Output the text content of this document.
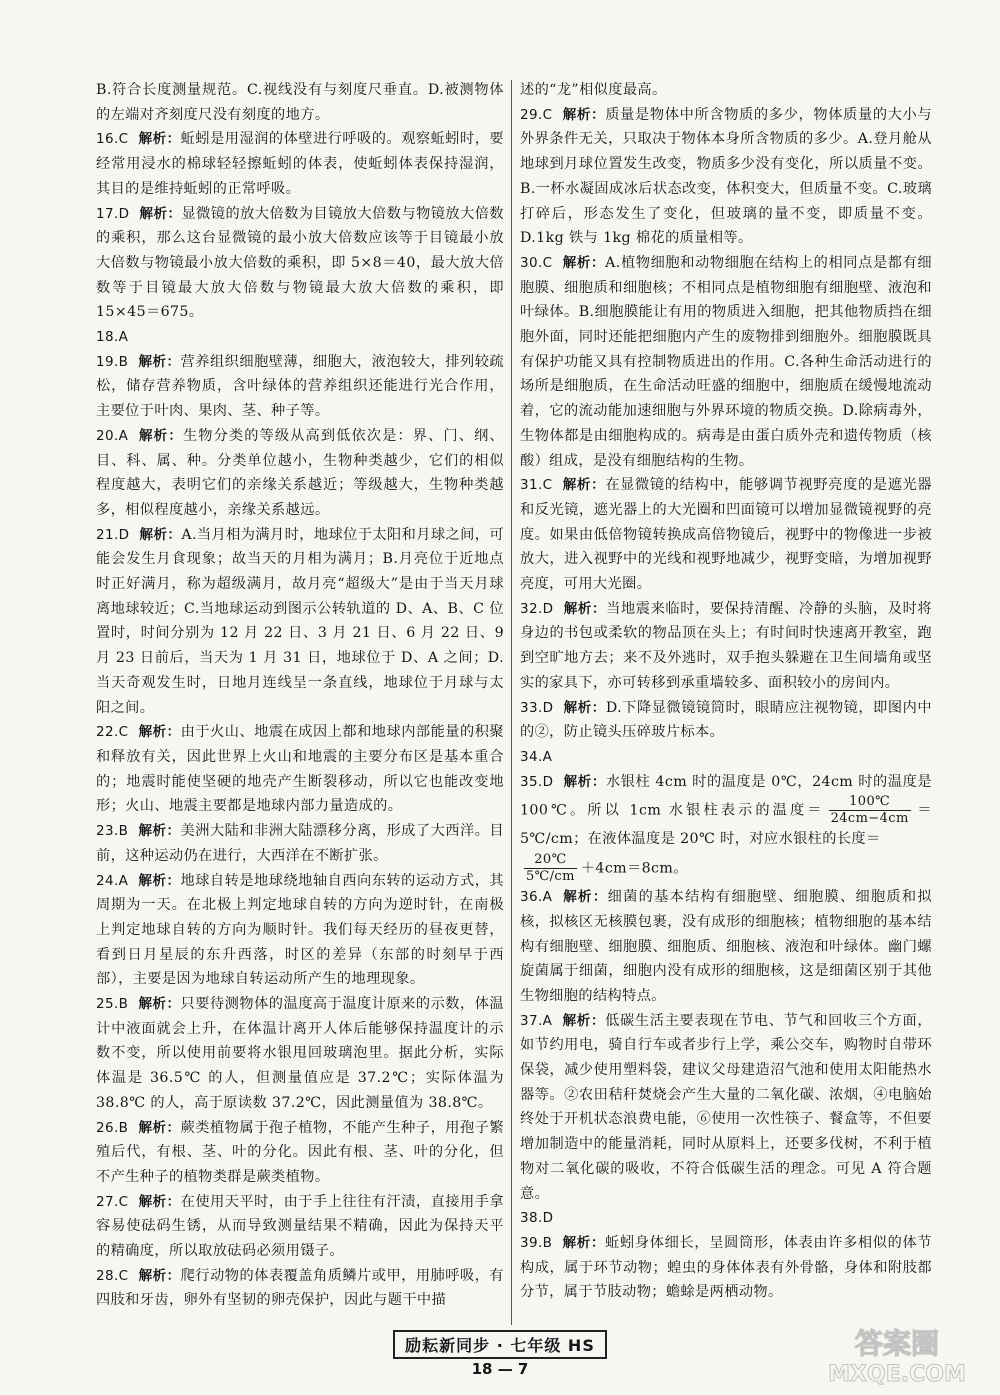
B.符合长度测量规范。C.视线没有与刻度尺垂直。D.被测物体的左端对齐刻度尺没有刻度的地方。

16.C 解析：蚯蚓是用湿润的体壁进行呼吸的。观察蚯蚓时，要经常用浸水的棉球轻轻擦蚯蚓的体表，使蚯蚓体表保持湿润，其目的是维持蚯蚓的正常呼吸。

17.D 解析：显微镜的放大倍数为目镜放大倍数与物镜放大倍数的乘积，那么这台显微镜的最小放大倍数应该等于目镜最小放大倍数与物镜最小放大倍数的乘积，即 5×8＝40，最大放大倍数等于目镜最大放大倍数与物镜最大放大倍数的乘积，即 15×45＝675。

18.A

19.B 解析：营养组织细胞壁薄，细胞大，液泡较大，排列较疏松，储存营养物质，含叶绿体的营养组织还能进行光合作用，主要位于叶肉、果肉、茎、种子等。

20.A 解析：生物分类的等级从高到低依次是：界、门、纲、目、科、属、种。分类单位越小，生物种类越少，它们的相似程度越大，表明它们的亲缘关系越近；等级越大，生物种类越多，相似程度越小，亲缘关系越远。

21.D 解析：A.当月相为满月时，地球位于太阳和月球之间，可能会发生月食现象；故当天的月相为满月；B.月亮位于近地点时正好满月，称为超级满月，故月亮“超级大”是由于当天月球离地球较近；C.当地球运动到图示公转轨道的 D、A、B、C 位置时，时间分别为 12 月 22 日、3 月 21 日、6 月 22 日、9 月 23 日前后，当天为 1 月 31 日，地球位于 D、A 之间；D.当天奇观发生时，日地月连线呈一条直线，地球位于月球与太阳之间。

22.C 解析：由于火山、地震在成因上都和地球内部能量的积聚和释放有关，因此世界上火山和地震的主要分布区是基本重合的；地震时能使坚硬的地壳产生断裂移动，所以它也能改变地形；火山、地震主要都是地球内部力量造成的。

23.B 解析：美洲大陆和非洲大陆漂移分离，形成了大西洋。目前，这种运动仍在进行，大西洋在不断扩张。

24.A 解析：地球自转是地球绕地轴自西向东转的运动方式，其周期为一天。在北极上判定地球自转的方向为逆时针，在南极上判定地球自转的方向为顺时针。我们每天经历的昼夜更替，看到日月星辰的东升西落，时区的差异（东部的时刻早于西部），主要是因为地球自转运动所产生的地理现象。

25.B 解析：只要待测物体的温度高于温度计原来的示数，体温计中液面就会上升，在体温计离开人体后能够保持温度计的示数不变，所以使用前要将水银甩回玻璃泡里。据此分析，实际体温是 36.5℃ 的人，但测量值应是 37.2℃；实际体温为 38.8℃ 的人，高于原读数 37.2℃，因此测量值为 38.8℃。

26.B 解析：蕨类植物属于孢子植物，不能产生种子，用孢子繁殖后代，有根、茎、叶的分化。因此有根、茎、叶的分化，但不产生种子的植物类群是蕨类植物。

27.C 解析：在使用天平时，由于手上往往有汗渍，直接用手拿容易使砝码生锈，从而导致测量结果不精确，因此为保持天平的精确度，所以取放砝码必须用镊子。

28.C 解析：爬行动物的体表覆盖角质鳞片或甲，用肺呼吸，有四肢和牙齿，卵外有坚韧的卵壳保护，因此与题干中描

述的“龙”相似度最高。

29.C 解析：质量是物体中所含物质的多少，物体质量的大小与外界条件无关，只取决于物体本身所含物质的多少。A.登月舱从地球到月球位置发生改变，物质多少没有变化，所以质量不变。B.一杯水凝固成冰后状态改变，体积变大，但质量不变。C.玻璃打碎后，形态发生了变化，但玻璃的量不变，即质量不变。D.1kg 铁与 1kg 棉花的质量相等。

30.C 解析：A.植物细胞和动物细胞在结构上的相同点是都有细胞膜、细胞质和细胞核；不相同点是植物细胞有细胞壁、液泡和叶绿体。B.细胞膜能让有用的物质进入细胞，把其他物质挡在细胞外面，同时还能把细胞内产生的废物排到细胞外。细胞膜既具有保护功能又具有控制物质进出的作用。C.各种生命活动进行的场所是细胞质，在生命活动旺盛的细胞中，细胞质在缓慢地流动着，它的流动能加速细胞与外界环境的物质交换。D.除病毒外，生物体都是由细胞构成的。病毒是由蛋白质外壳和遗传物质（核酸）组成，是没有细胞结构的生物。

31.C 解析：在显微镜的结构中，能够调节视野亮度的是遮光器和反光镜，遮光器上的大光圈和凹面镜可以增加显微镜视野的亮度。如果由低倍物镜转换成高倍物镜后，视野中的物像进一步被放大，进入视野中的光线和视野地减少，视野变暗，为增加视野亮度，可用大光圈。

32.D 解析：当地震来临时，要保持清醒、冷静的头脑，及时将身边的书包或柔软的物品顶在头上；有时间时快速离开教室，跑到空旷地方去；来不及外逃时，双手抱头躲避在卫生间墙角或坚实的家具下，亦可转移到承重墙较多、面积较小的房间内。

33.D 解析：D.下降显微镜镜筒时，眼睛应注视物镜，即图内中的②，防止镜头压碎玻片标本。

34.A

35.D 解析：水银柱 4cm 时的温度是 0℃，24cm 时的温度是 100℃。所以 1cm 水银柱表示的温度＝ $\frac{100℃}{24cm-4cm}$ ＝5℃/cm；在液体温度是 20℃ 时，对应水银柱的长度＝

$\frac{20℃}{5℃/cm} +4cm=8cm$。

36.A 解析：细菌的基本结构有细胞壁、细胞膜、细胞质和拟核，拟核区无核膜包裹，没有成形的细胞核；植物细胞的基本结构有细胞壁、细胞膜、细胞质、细胞核、液泡和叶绿体。幽门螺旋菌属于细菌，细胞内没有成形的细胞核，这是细菌区别于其他生物细胞的结构特点。

37.A 解析：低碳生活主要表现在节电、节气和回收三个方面，如节约用电，骑自行车或者步行上学，乘公交车，购物时自带环保袋，减少使用塑料袋，建议父母建造沼气池和使用太阳能热水器等。②农田秸秆焚烧会产生大量的二氧化碳、浓烟，④电脑始终处于开机状态浪费电能，⑥使用一次性筷子、餐盒等，不但要增加制造中的能量消耗，同时从原料上，还要多伐树，不利于植物对二氧化碳的吸收，不符合低碳生活的理念。可见 A 符合题意。

38.D

39.B 解析：蚯蚓身体细长，呈圆筒形，体表由许多相似的体节构成，属于环节动物；蝗虫的身体体表有外骨骼，身体和附肢都分节，属于节肢动物；蟾蜍是两栖动物。

励耘新同步 · 七年级 HS
18 — 7
答案圈
MXQE.COM
